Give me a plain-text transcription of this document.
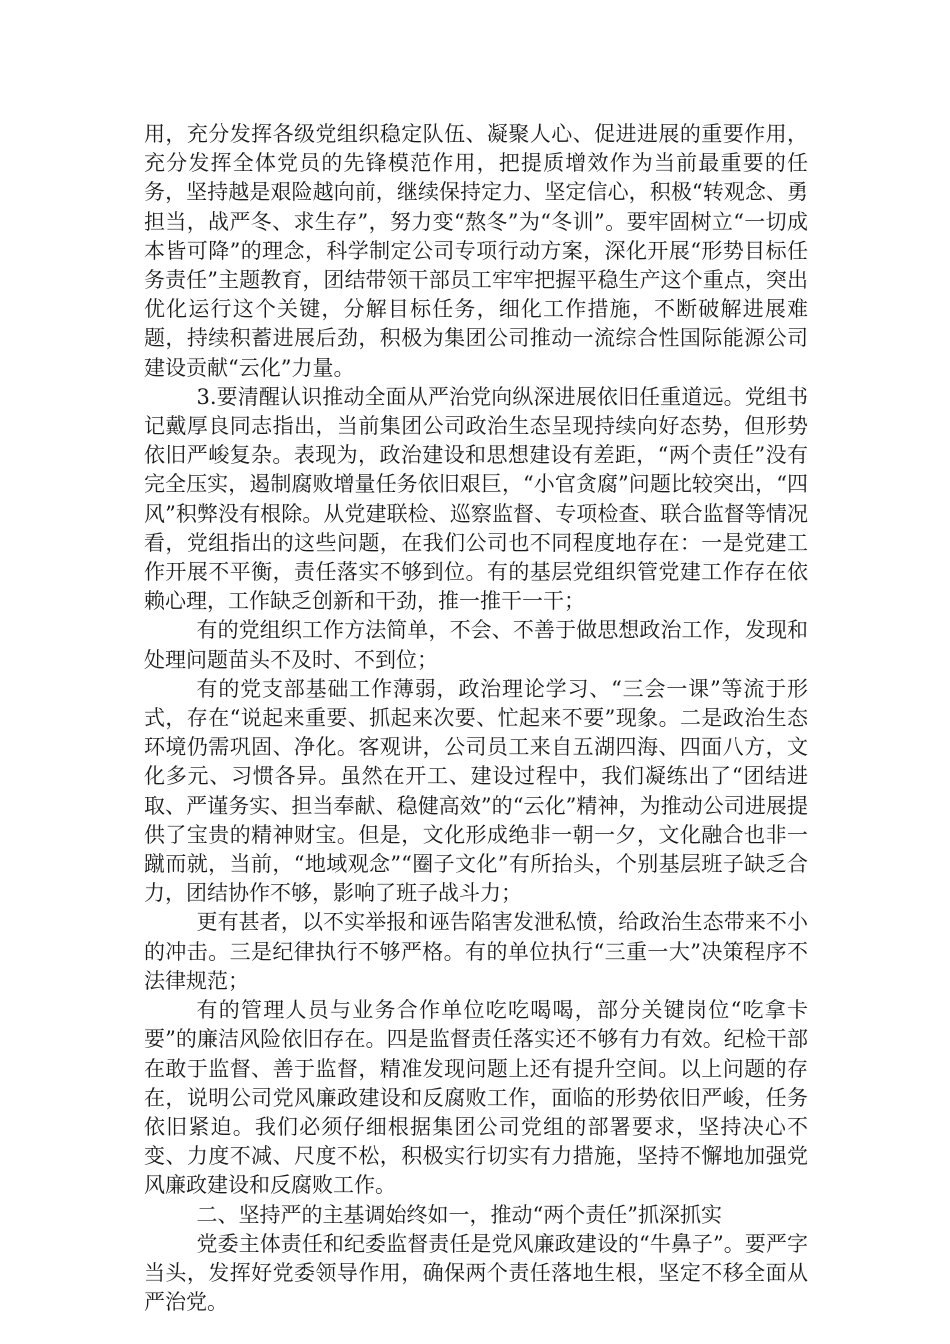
用，充分发挥各级党组织稳定队伍、凝聚人心、促进进展的重要作用，充分发挥全体党员的先锋模范作用，把提质增效作为当前最重要的任务，坚持越是艰险越向前，继续保持定力、坚定信心，积极“转观念、勇担当，战严冬、求生存”，努力变“熬冬”为“冬训”。要牢固树立“一切成本皆可降”的理念，科学制定公司专项行动方案，深化开展“形势目标任务责任”主题教育，团结带领干部员工牢牢把握平稳生产这个重点，突出优化运行这个关键，分解目标任务，细化工作措施，不断破解进展难题，持续积蓄进展后劲，积极为集团公司推动一流综合性国际能源公司建设贡献“云化”力量。

3.要清醒认识推动全面从严治党向纵深进展依旧任重道远。党组书记戴厚良同志指出，当前集团公司政治生态呈现持续向好态势，但形势依旧严峻复杂。表现为，政治建设和思想建设有差距，“两个责任”没有完全压实，遏制腐败增量任务依旧艰巨，“小官贪腐”问题比较突出，“四风”积弊没有根除。从党建联检、巡察监督、专项检查、联合监督等情况看，党组指出的这些问题，在我们公司也不同程度地存在：一是党建工作开展不平衡，责任落实不够到位。有的基层党组织管党建工作存在依赖心理，工作缺乏创新和干劲，推一推干一干；

有的党组织工作方法简单，不会、不善于做思想政治工作，发现和处理问题苗头不及时、不到位；

有的党支部基础工作薄弱，政治理论学习、“三会一课”等流于形式，存在“说起来重要、抓起来次要、忙起来不要”现象。二是政治生态环境仍需巩固、净化。客观讲，公司员工来自五湖四海、四面八方，文化多元、习惯各异。虽然在开工、建设过程中，我们凝练出了“团结进取、严谨务实、担当奉献、稳健高效”的“云化”精神，为推动公司进展提供了宝贵的精神财宝。但是，文化形成绝非一朝一夕，文化融合也非一蹴而就，当前，“地域观念”“圈子文化”有所抬头，个别基层班子缺乏合力，团结协作不够，影响了班子战斗力；

更有甚者，以不实举报和诬告陷害发泄私愤，给政治生态带来不小的冲击。三是纪律执行不够严格。有的单位执行“三重一大”决策程序不法律规范；

有的管理人员与业务合作单位吃吃喝喝，部分关键岗位“吃拿卡要”的廉洁风险依旧存在。四是监督责任落实还不够有力有效。纪检干部在敢于监督、善于监督，精准发现问题上还有提升空间。以上问题的存在，说明公司党风廉政建设和反腐败工作，面临的形势依旧严峻，任务依旧紧迫。我们必须仔细根据集团公司党组的部署要求，坚持决心不变、力度不减、尺度不松，积极实行切实有力措施，坚持不懈地加强党风廉政建设和反腐败工作。

二、坚持严的主基调始终如一，推动“两个责任”抓深抓实

党委主体责任和纪委监督责任是党风廉政建设的“牛鼻子”。要严字当头，发挥好党委领导作用，确保两个责任落地生根，坚定不移全面从严治党。
